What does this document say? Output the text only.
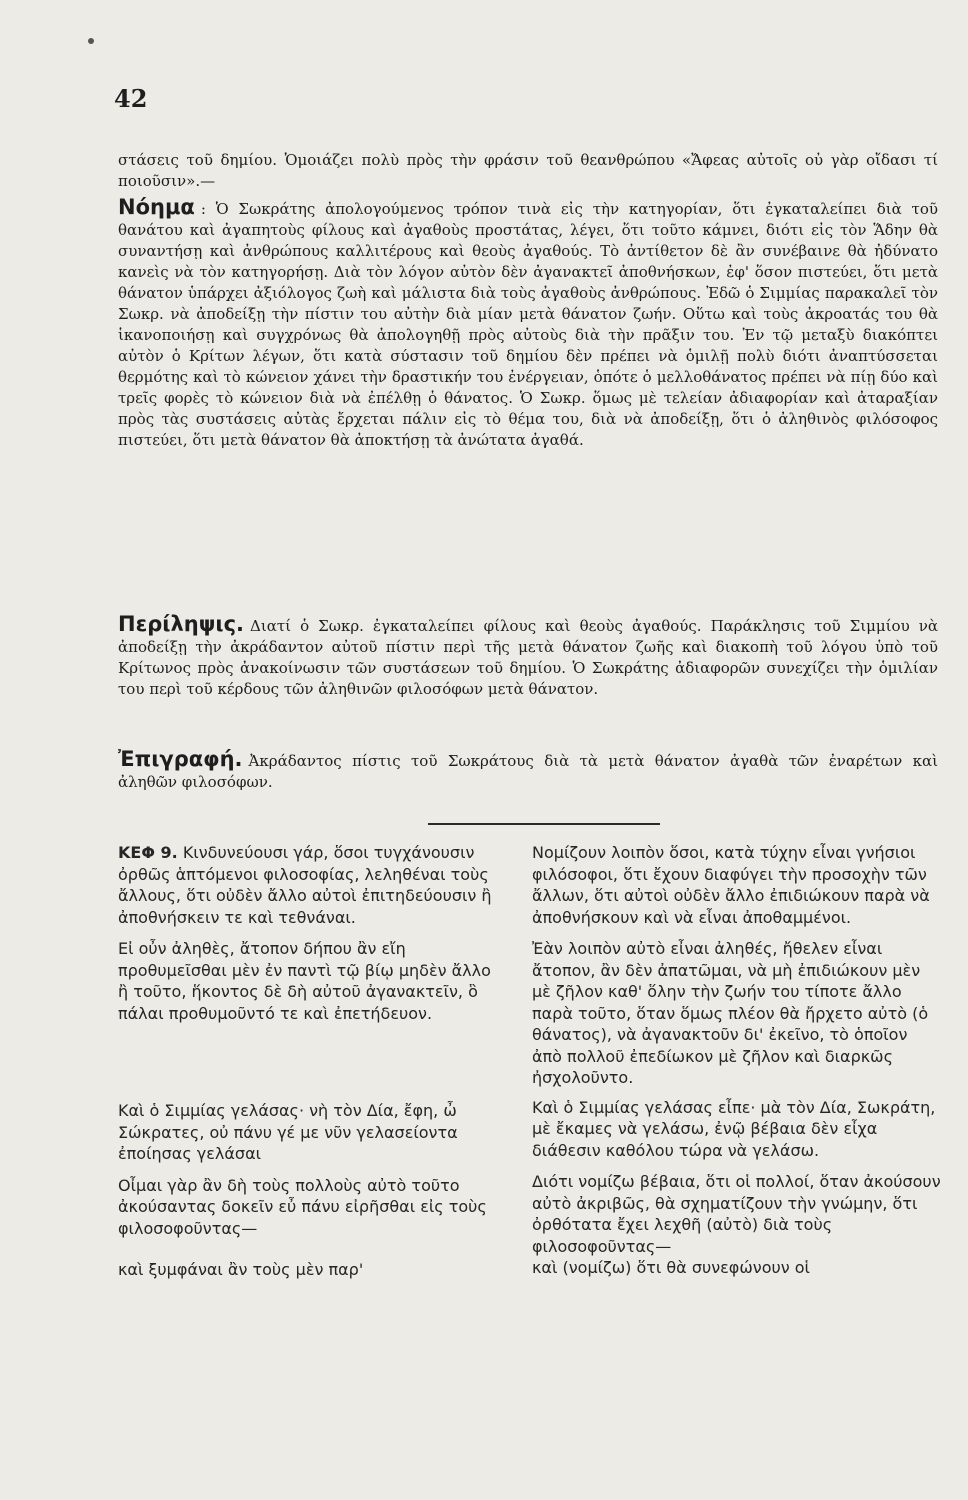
42

στάσεις τοῦ δημίου. Ὁμοιάζει πολὺ πρὸς τὴν φράσιν τοῦ θεανθρώπου «Ἄφεας αὐτοῖς οὐ γὰρ οἴδασι τί ποιοῦσιν».—

Νόημα : Ὁ Σωκράτης ἀπολογούμενος τρόπον τινὰ εἰς τὴν κατηγορίαν, ὅτι ἐγκαταλείπει διὰ τοῦ θανάτου καὶ ἀγαπητοὺς φίλους καὶ ἀγαθοὺς προστάτας, λέγει, ὅτι τοῦτο κάμνει, διότι εἰς τὸν Ἅδην θὰ συναντήσῃ καὶ ἀνθρώπους καλλιτέρους καὶ θεοὺς ἀγαθούς. Τὸ ἀντίθετον δὲ ἂν συνέβαινε θὰ ἠδύνατο κανεὶς νὰ τὸν κατηγορήσῃ. Διὰ τὸν λόγον αὐτὸν δὲν ἀγανακτεῖ ἀποθνήσκων, ἐφ' ὅσον πιστεύει, ὅτι μετὰ θάνατον ὑπάρχει ἀξιόλογος ζωὴ καὶ μάλιστα διὰ τοὺς ἀγαθοὺς ἀνθρώπους. Ἐδῶ ὁ Σιμμίας παρακαλεῖ τὸν Σωκρ. νὰ ἀποδείξῃ τὴν πίστιν του αὐτὴν διὰ μίαν μετὰ θάνατον ζωήν. Οὕτω καὶ τοὺς ἀκροατάς του θὰ ἱκανοποιήσῃ καὶ συγχρόνως θὰ ἀπολογηθῇ πρὸς αὐτοὺς διὰ τὴν πρᾶξιν του. Ἐν τῷ μεταξὺ διακόπτει αὐτὸν ὁ Κρίτων λέγων, ὅτι κατὰ σύστασιν τοῦ δημίου δὲν πρέπει νὰ ὁμιλῇ πολὺ διότι ἀναπτύσσεται θερμότης καὶ τὸ κώνειον χάνει τὴν δραστικήν του ἐνέργειαν, ὁπότε ὁ μελλοθάνατος πρέπει νὰ πίῃ δύο καὶ τρεῖς φορὲς τὸ κώνειον διὰ νὰ ἐπέλθῃ ὁ θάνατος. Ὁ Σωκρ. ὅμως μὲ τελείαν ἀδιαφορίαν καὶ ἀταραξίαν πρὸς τὰς συστάσεις αὐτὰς ἔρχεται πάλιν εἰς τὸ θέμα του, διὰ νὰ ἀποδείξῃ, ὅτι ὁ ἀληθινὸς φιλόσοφος πιστεύει, ὅτι μετὰ θάνατον θὰ ἀποκτήσῃ τὰ ἀνώτατα ἀγαθά.

Περίληψις. Διατί ὁ Σωκρ. ἐγκαταλείπει φίλους καὶ θεοὺς ἀγαθούς. Παράκλησις τοῦ Σιμμίου νὰ ἀποδείξῃ τὴν ἀκράδαντον αὐτοῦ πίστιν περὶ τῆς μετὰ θάνατον ζωῆς καὶ διακοπὴ τοῦ λόγου ὑπὸ τοῦ Κρίτωνος πρὸς ἀνακοίνωσιν τῶν συστάσεων τοῦ δημίου. Ὁ Σωκράτης ἀδιαφορῶν συνεχίζει τὴν ὁμιλίαν του περὶ τοῦ κέρδους τῶν ἀληθινῶν φιλοσόφων μετὰ θάνατον.

Ἐπιγραφή. Ἀκράδαντος πίστις τοῦ Σωκράτους διὰ τὰ μετὰ θάνατον ἀγαθὰ τῶν ἐναρέτων καὶ ἀληθῶν φιλοσόφων.

ΚΕΦ 9. Κινδυνεύουσι γάρ, ὅσοι τυγχάνουσιν ὀρθῶς ἁπτόμενοι φιλοσοφίας, λεληθέναι τοὺς ἄλλους, ὅτι οὐδὲν ἄλλο αὐτοὶ ἐπιτηδεύουσιν ἢ ἀποθνήσκειν τε καὶ τεθνάναι.

Εἰ οὖν ἀληθὲς, ἄτοπον δήπου ἂν εἴη προθυμεῖσθαι μὲν ἐν παντὶ τῷ βίῳ μηδὲν ἄλλο ἢ τοῦτο, ἥκοντος δὲ δὴ αὐτοῦ ἀγανακτεῖν, ὃ πάλαι προθυμοῦντό τε καὶ ἐπετήδευον.

Καὶ ὁ Σιμμίας γελάσας· νὴ τὸν Δία, ἔφη, ὦ Σώκρατες, οὐ πάνυ γέ με νῦν γελασείοντα ἐποίησας γελάσαι

Οἶμαι γὰρ ἂν δὴ τοὺς πολλοὺς αὐτὸ τοῦτο ἀκούσαντας δοκεῖν εὖ πάνυ εἰρῆσθαι εἰς τοὺς φιλοσοφοῦντας—

καὶ ξυμφάναι ἂν τοὺς μὲν παρ'

Νομίζουν λοιπὸν ὅσοι, κατὰ τύχην εἶναι γνήσιοι φιλόσοφοι, ὅτι ἔχουν διαφύγει τὴν προσοχὴν τῶν ἄλλων, ὅτι αὐτοὶ οὐδὲν ἄλλο ἐπιδιώκουν παρὰ νὰ ἀποθνήσκουν καὶ νὰ εἶναι ἀποθαμμένοι.

Ἐὰν λοιπὸν αὐτὸ εἶναι ἀληθές, ἤθελεν εἶναι ἄτοπον, ἂν δὲν ἀπατῶμαι, νὰ μὴ ἐπιδιώκουν μὲν μὲ ζῆλον καθ' ὅλην τὴν ζωήν του τίποτε ἄλλο παρὰ τοῦτο, ὅταν ὅμως πλέον θὰ ἤρχετο αὐτὸ (ὁ θάνατος), νὰ ἀγανακτοῦν δι' ἐκεῖνο, τὸ ὁποῖον ἀπὸ πολλοῦ ἐπεδίωκον μὲ ζῆλον καὶ διαρκῶς ἠσχολοῦντο.

Καὶ ὁ Σιμμίας γελάσας εἶπε· μὰ τὸν Δία, Σωκράτη, μὲ ἔκαμες νὰ γελάσω, ἐνῷ βέβαια δὲν εἶχα διάθεσιν καθόλου τώρα νὰ γελάσω.

Διότι νομίζω βέβαια, ὅτι οἱ πολλοί, ὅταν ἀκούσουν αὐτὸ ἀκριβῶς, θὰ σχηματίζουν τὴν γνώμην, ὅτι ὀρθότατα ἔχει λεχθῆ (αὐτὸ) διὰ τοὺς φιλοσοφοῦντας—

καὶ (νομίζω) ὅτι θὰ συνεφώνουν οἱ
